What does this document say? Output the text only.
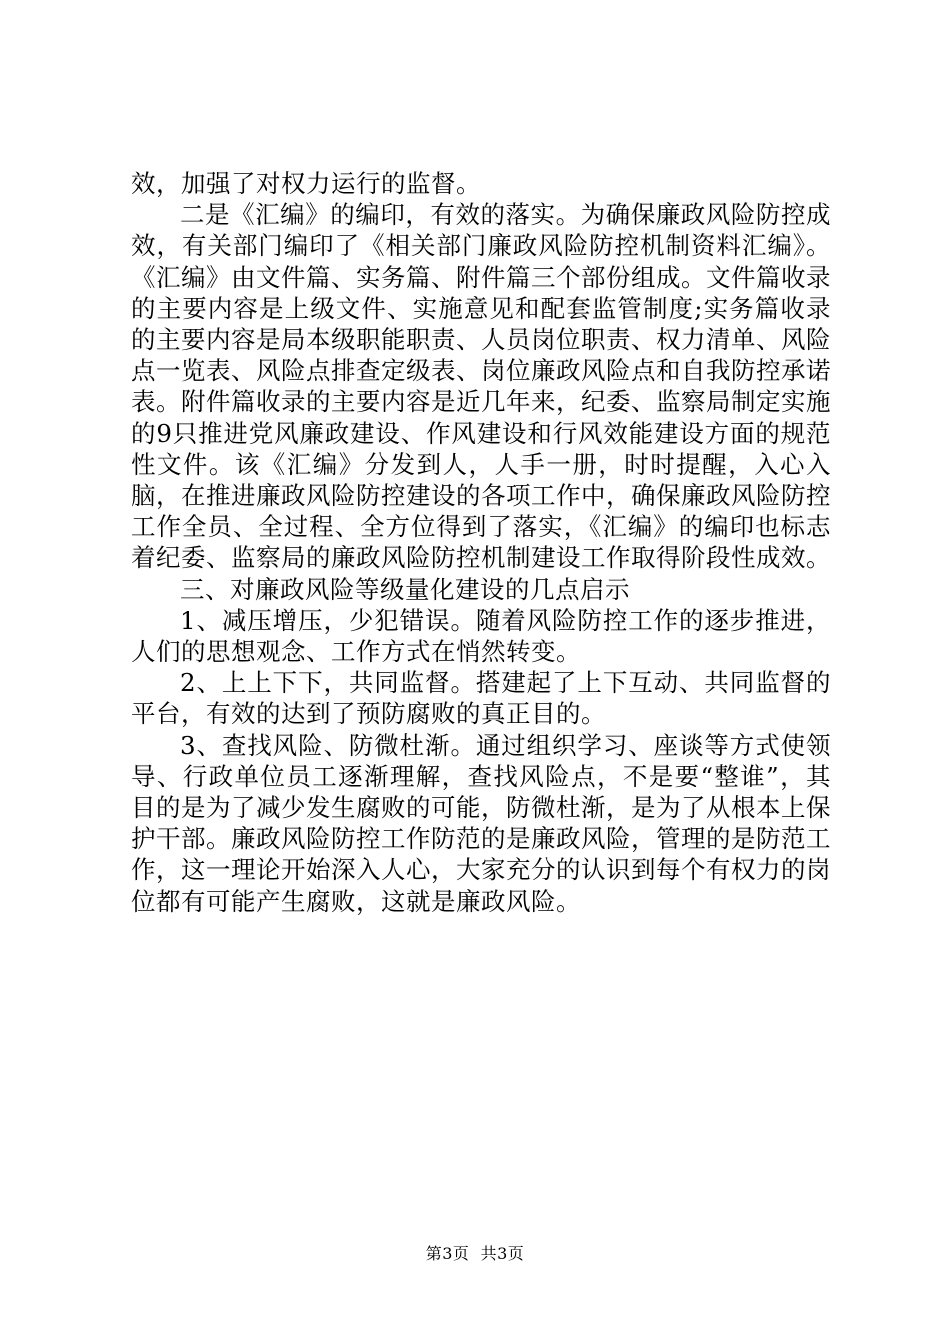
效，加强了对权力运行的监督。

二是《汇编》的编印，有效的落实。为确保廉政风险防控成效，有关部门编印了《相关部门廉政风险防控机制资料汇编》。《汇编》由文件篇、实务篇、附件篇三个部份组成。文件篇收录的主要内容是上级文件、实施意见和配套监管制度;实务篇收录的主要内容是局本级职能职责、人员岗位职责、权力清单、风险点一览表、风险点排查定级表、岗位廉政风险点和自我防控承诺表。附件篇收录的主要内容是近几年来，纪委、监察局制定实施的9只推进党风廉政建设、作风建设和行风效能建设方面的规范性文件。该《汇编》分发到人，人手一册，时时提醒，入心入脑，在推进廉政风险防控建设的各项工作中，确保廉政风险防控工作全员、全过程、全方位得到了落实，《汇编》的编印也标志着纪委、监察局的廉政风险防控机制建设工作取得阶段性成效。

三、对廉政风险等级量化建设的几点启示

1、减压增压，少犯错误。随着风险防控工作的逐步推进，人们的思想观念、工作方式在悄然转变。

2、上上下下，共同监督。搭建起了上下互动、共同监督的平台，有效的达到了预防腐败的真正目的。

3、查找风险、防微杜渐。通过组织学习、座谈等方式使领导、行政单位员工逐渐理解，查找风险点，不是要“整谁”，其目的是为了减少发生腐败的可能，防微杜渐，是为了从根本上保护干部。廉政风险防控工作防范的是廉政风险，管理的是防范工作，这一理论开始深入人心，大家充分的认识到每个有权力的岗位都有可能产生腐败，这就是廉政风险。

第3页  共3页
